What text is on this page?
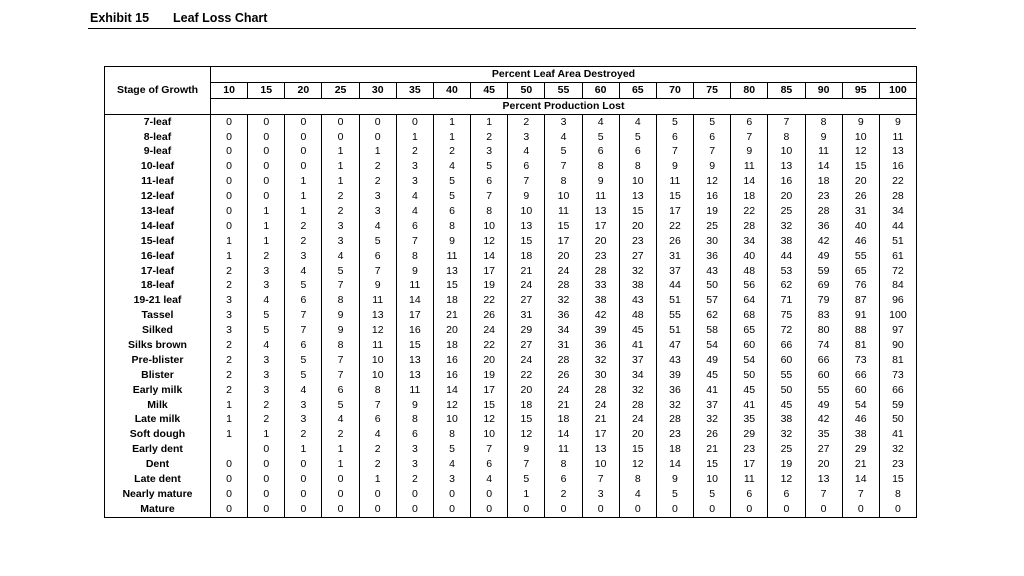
Exhibit 15 Leaf Loss Chart
Stage of Growth	Percent Leaf Area Destroyed																		
	10	15	20	25	30	35	40	45	50	55	60	65	70	75	80	85	90	95	100
	Percent Production Lost																		
7-leaf	0	0	0	0	0	0	1	1	2	3	4	4	5	5	6	7	8	9	9
8-leaf	0	0	0	0	0	1	1	2	3	4	5	5	6	6	7	8	9	10	11
9-leaf	0	0	0	1	1	2	2	3	4	5	6	6	7	7	9	10	11	12	13
10-leaf	0	0	0	1	2	3	4	5	6	7	8	8	9	9	11	13	14	15	16
11-leaf	0	0	1	1	2	3	5	6	7	8	9	10	11	12	14	16	18	20	22
12-leaf	0	0	1	2	3	4	5	7	9	10	11	13	15	16	18	20	23	26	28
13-leaf	0	1	1	2	3	4	6	8	10	11	13	15	17	19	22	25	28	31	34
14-leaf	0	1	2	3	4	6	8	10	13	15	17	20	22	25	28	32	36	40	44
15-leaf	1	1	2	3	5	7	9	12	15	17	20	23	26	30	34	38	42	46	51
16-leaf	1	2	3	4	6	8	11	14	18	20	23	27	31	36	40	44	49	55	61
17-leaf	2	3	4	5	7	9	13	17	21	24	28	32	37	43	48	53	59	65	72
18-leaf	2	3	5	7	9	11	15	19	24	28	33	38	44	50	56	62	69	76	84
19-21 leaf	3	4	6	8	11	14	18	22	27	32	38	43	51	57	64	71	79	87	96
Tassel	3	5	7	9	13	17	21	26	31	36	42	48	55	62	68	75	83	91	100
Silked	3	5	7	9	12	16	20	24	29	34	39	45	51	58	65	72	80	88	97
Silks brown	2	4	6	8	11	15	18	22	27	31	36	41	47	54	60	66	74	81	90
Pre-blister	2	3	5	7	10	13	16	20	24	28	32	37	43	49	54	60	66	73	81
Blister	2	3	5	7	10	13	16	19	22	26	30	34	39	45	50	55	60	66	73
Early milk	2	3	4	6	8	11	14	17	20	24	28	32	36	41	45	50	55	60	66
Milk	1	2	3	5	7	9	12	15	18	21	24	28	32	37	41	45	49	54	59
Late milk	1	2	3	4	6	8	10	12	15	18	21	24	28	32	35	38	42	46	50
Soft dough	1	1	2	2	4	6	8	10	12	14	17	20	23	26	29	32	35	38	41
Early dent		0	1	1	2	3	5	7	9	11	13	15	18	21	23	25	27	29	32
Dent	0	0	0	1	2	3	4	6	7	8	10	12	14	15	17	19	20	21	23
Late dent	0	0	0	0	1	2	3	4	5	6	7	8	9	10	11	12	13	14	15
Nearly mature	0	0	0	0	0	0	0	0	1	2	3	4	5	5	6	6	7	7	8
Mature	0	0	0	0	0	0	0	0	0	0	0	0	0	0	0	0	0	0	0
